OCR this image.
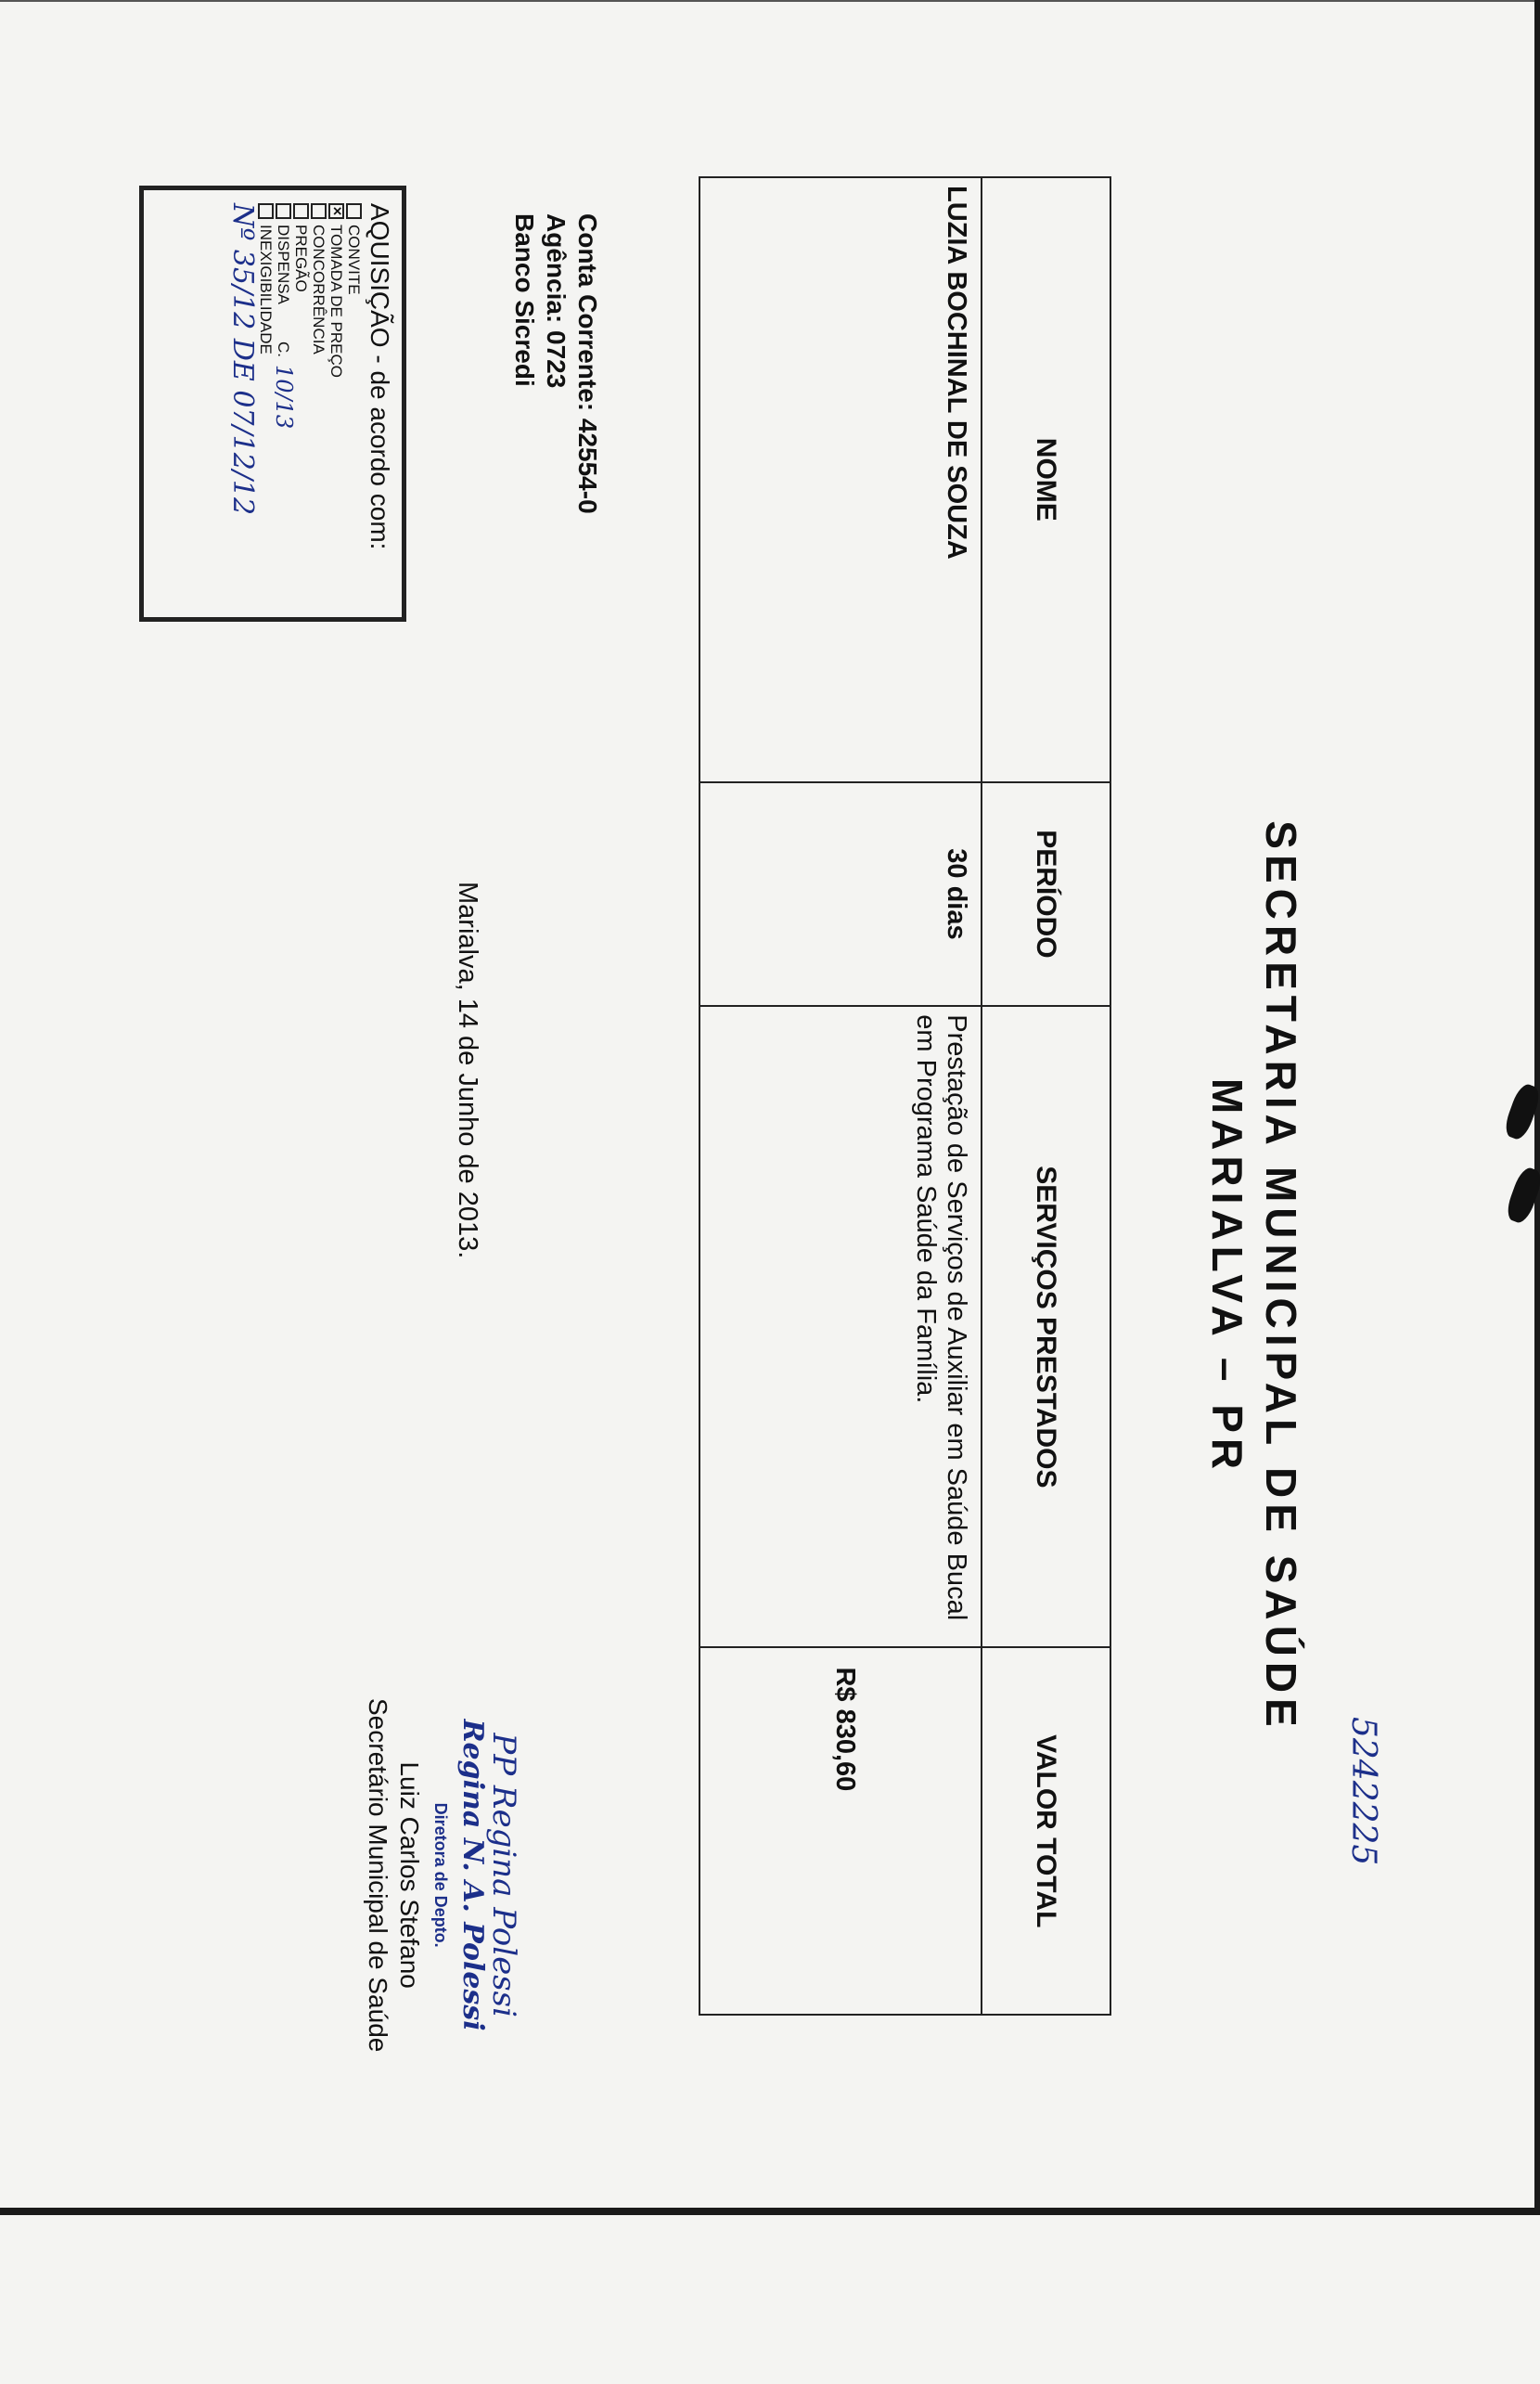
SECRETARIA MUNICIPAL DE SAÚDE
MARIALVA – PR
5242225
NOME	PERÍODO	SERVIÇOS PRESTADOS	VALOR TOTAL
LUZIA BOCHINAL DE SOUZA	30 dias	Prestação de Serviços de Auxiliar em Saúde Bucal em Programa Saúde da Família.	R$ 830,60
Conta Corrente: 42554-0
Agência: 0723
Banco Sicredi
Marialva, 14 de Junho de 2013.
AQUISIÇÃO - de acordo com:
CONVITE
✕
TOMADA DE PREÇO
CONCORRÊNCIA
PREGÃO
DISPENSA
C.
10/13
INEXIGIBILIDADE
Nº 35/12 DE 07/12/12
PP Regina Polessi
Regina N. A. Polessi
Diretora de Depto.
Luiz Carlos Stefano
Secretário Municipal de Saúde
